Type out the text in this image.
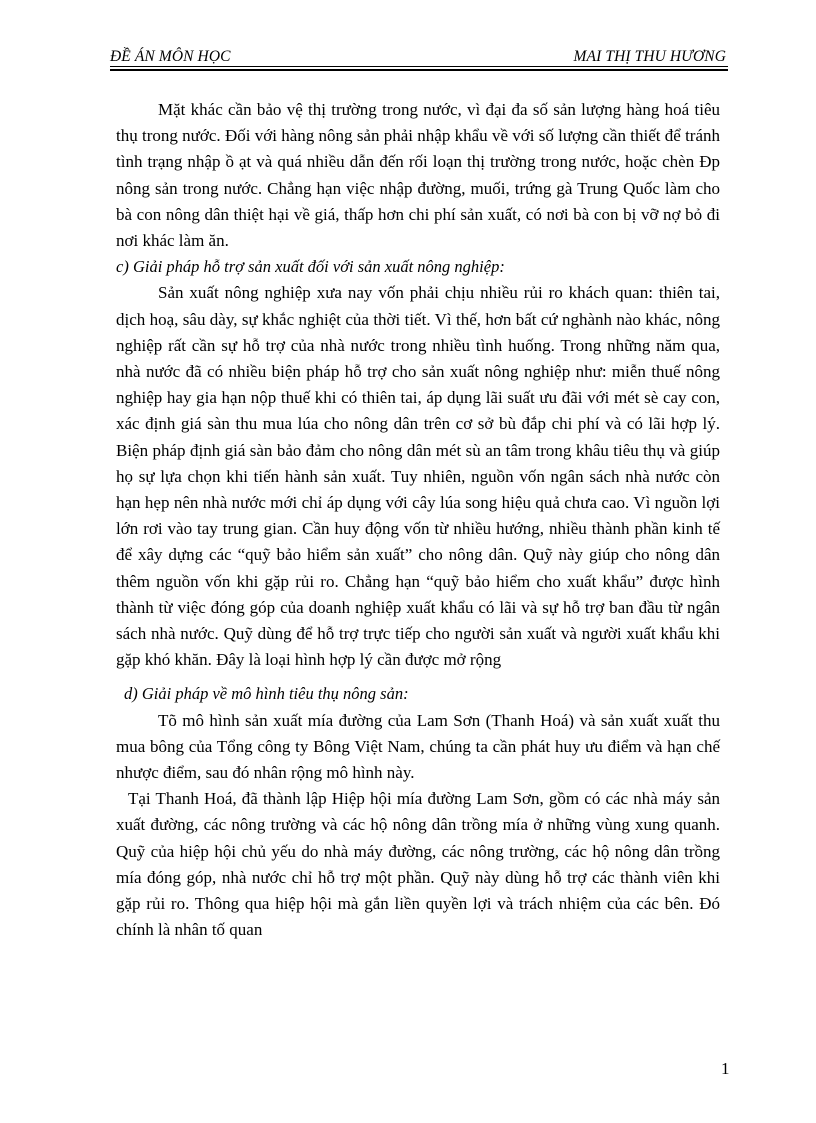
ĐỀ ÁN MÔN HỌC	MAI THỊ THU HƯƠNG

Mặt khác cần bảo vệ thị trường trong nước, vì đại đa số sản lượng hàng hoá tiêu thụ trong nước. Đối với hàng nông sản phải nhập khẩu về với số lượng cần thiết để tránh tình trạng nhập ồ ạt và quá nhiều dẫn đến rối loạn thị trường trong nước, hoặc chèn Ðp nông sản trong nước. Chẳng hạn việc nhập đường, muối, trứng gà Trung Quốc làm cho bà con nông dân thiệt hại về giá, thấp hơn chi phí sản xuất, có nơi bà con bị vỡ nợ bỏ đi nơi khác làm ăn.

c) Giải pháp hỗ trợ sản xuất đối với sản xuất nông nghiệp:

Sản xuất nông nghiệp xưa nay vốn phải chịu nhiều rủi ro khách quan: thiên tai, dịch hoạ, sâu dày, sự khắc nghiệt của thời tiết. Vì thế, hơn bất cứ nghành nào khác, nông nghiệp rất cần sự hỗ trợ của nhà nước trong nhiều tình huống. Trong những năm qua, nhà nước đã có nhiều biện pháp hỗ trợ cho sản xuất nông nghiệp như: miễn thuế nông nghiệp hay gia hạn nộp thuế khi có thiên tai, áp dụng lãi suất ưu đãi với mét sè cay con, xác định giá sàn thu mua lúa cho nông dân trên cơ sở bù đắp chi phí và có lãi hợp lý. Biện pháp định giá sàn bảo đảm cho nông dân mét sù an tâm trong khâu tiêu thụ và giúp họ sự lựa chọn khi tiến hành sản xuất. Tuy nhiên, nguồn vốn ngân sách nhà nước còn hạn hẹp nên nhà nước mới chỉ áp dụng với cây lúa song hiệu quả chưa cao. Vì nguồn lợi lớn rơi vào tay trung gian. Cần huy động vốn từ nhiều hướng, nhiều thành phần kinh tế để xây dựng các “quỹ bảo hiểm sản xuất” cho nông dân. Quỹ này giúp cho nông dân thêm nguồn vốn khi gặp rủi ro. Chẳng hạn “quỹ bảo hiểm cho xuất khẩu” được hình thành từ việc đóng góp của doanh nghiệp xuất khẩu có lãi và sự hỗ trợ ban đầu từ ngân sách nhà nước. Quỹ dùng để hỗ trợ trực tiếp cho người sản xuất và người xuất khẩu khi gặp khó khăn. Đây là loại hình hợp lý cần được mở rộng

d) Giải pháp về mô hình tiêu thụ nông sản:

Tõ mô hình sản xuất mía đường của Lam Sơn (Thanh Hoá) và sản xuất xuất thu mua bông của Tổng công ty Bông Việt Nam, chúng ta cần phát huy ưu điểm và hạn chế nhược điểm, sau đó nhân rộng mô hình này.

Tại Thanh Hoá, đã thành lập Hiệp hội mía đường Lam Sơn, gồm có các nhà máy sản xuất đường, các nông trường và các hộ nông dân trồng mía ở những vùng xung quanh. Quỹ của hiệp hội chủ yếu do nhà máy đường, các nông trường, các hộ nông dân trồng mía đóng góp, nhà nước chỉ hỗ trợ một phần. Quỹ này dùng hỗ trợ các thành viên khi gặp rủi ro. Thông qua hiệp hội mà gắn liền quyền lợi và trách nhiệm của các bên. Đó chính là nhân tố quan

1
